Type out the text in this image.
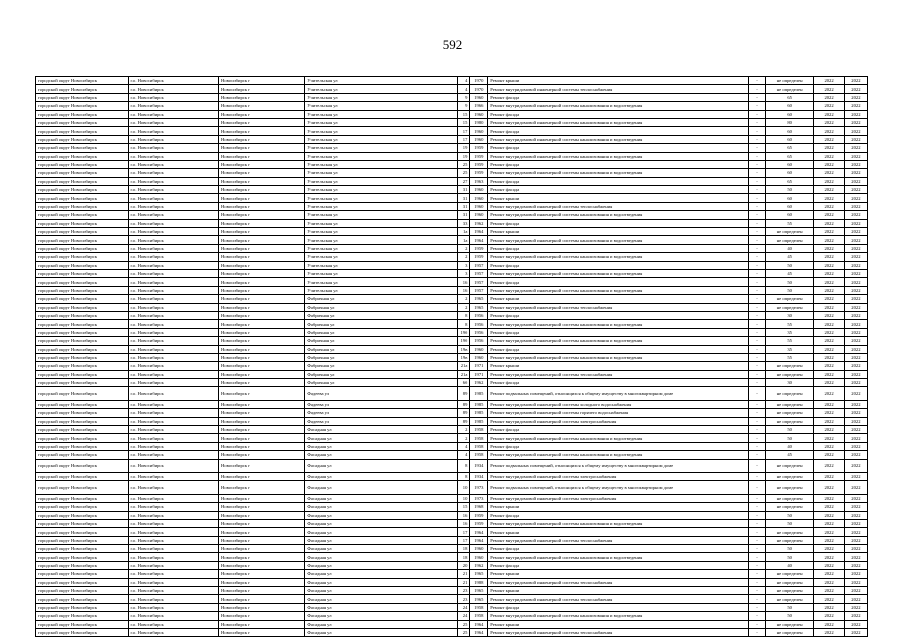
592
городской округ Новосибирск	г.о. Новосибирск	Новосибирск г	Учительская ул	4	1970	Ремонт крыши	-	не определен	2022	2022
городской округ Новосибирск	г.о. Новосибирск	Новосибирск г	Учительская ул	4	1970	Ремонт внутридомовой инженерной системы теплоснабжения	-	не определен	2022	2022
городской округ Новосибирск	г.о. Новосибирск	Новосибирск г	Учительская ул	9	1960	Ремонт фасада	-	65	2022	2022
городской округ Новосибирск	г.о. Новосибирск	Новосибирск г	Учительская ул	9	1966	Ремонт внутридомовой инженерной системы канализования и водоотведения	-	60	2022	2022
городской округ Новосибирск	г.о. Новосибирск	Новосибирск г	Учительская ул	15	1960	Ремонт фасада	-	60	2022	2022
городской округ Новосибирск	г.о. Новосибирск	Новосибирск г	Учительская ул	15	1980	Ремонт внутридомовой инженерной системы канализования и водоотведения	-	80	2022	2022
городской округ Новосибирск	г.о. Новосибирск	Новосибирск г	Учительская ул	17	1960	Ремонт фасада	-	60	2022	2022
городской округ Новосибирск	г.о. Новосибирск	Новосибирск г	Учительская ул	17	1960	Ремонт внутридомовой инженерной системы канализования и водоотведения	-	60	2022	2022
городской округ Новосибирск	г.о. Новосибирск	Новосибирск г	Учительская ул	19	1959	Ремонт фасада	-	65	2022	2022
городской округ Новосибирск	г.о. Новосибирск	Новосибирск г	Учительская ул	19	1959	Ремонт внутридомовой инженерной системы канализования и водоотведения	-	65	2022	2022
городской округ Новосибирск	г.о. Новосибирск	Новосибирск г	Учительская ул	25	1959	Ремонт фасада	-	60	2022	2022
городской округ Новосибирск	г.о. Новосибирск	Новосибирск г	Учительская ул	25	1959	Ремонт внутридомовой инженерной системы канализования и водоотведения	-	60	2022	2022
городской округ Новосибирск	г.о. Новосибирск	Новосибирск г	Учительская ул	27	1963	Ремонт фасада	-	65	2022	2022
городской округ Новосибирск	г.о. Новосибирск	Новосибирск г	Учительская ул	31	1960	Ремонт фасада	-	50	2022	2022
городской округ Новосибирск	г.о. Новосибирск	Новосибирск г	Учительская ул	31	1960	Ремонт крыши	-	60	2022	2022
городской округ Новосибирск	г.о. Новосибирск	Новосибирск г	Учительская ул	31	1960	Ремонт внутридомовой инженерной системы теплоснабжения	-	60	2022	2022
городской округ Новосибирск	г.о. Новосибирск	Новосибирск г	Учительская ул	31	1960	Ремонт внутридомовой инженерной системы канализования и водоотведения	-	60	2022	2022
городской округ Новосибирск	г.о. Новосибирск	Новосибирск г	Учительская ул	33	1962	Ремонт фасада	-	55	2022	2022
городской округ Новосибирск	г.о. Новосибирск	Новосибирск г	Учительская ул	1а	1964	Ремонт крыши	-	не определен	2022	2022
городской округ Новосибирск	г.о. Новосибирск	Новосибирск г	Учительская ул	1а	1964	Ремонт внутридомовой инженерной системы канализования и водоотведения	-	не определен	2022	2022
городской округ Новосибирск	г.о. Новосибирск	Новосибирск г	Учительская ул	2	1959	Ремонт фасада	-	40	2022	2022
городской округ Новосибирск	г.о. Новосибирск	Новосибирск г	Учительская ул	2	1959	Ремонт внутридомовой инженерной системы канализования и водоотведения	-	45	2022	2022
городской округ Новосибирск	г.о. Новосибирск	Новосибирск г	Учительская ул	3	1957	Ремонт фасада	-	50	2022	2022
городской округ Новосибирск	г.о. Новосибирск	Новосибирск г	Учительская ул	3	1957	Ремонт внутридомовой инженерной системы канализования и водоотведения	-	45	2022	2022
городской округ Новосибирск	г.о. Новосибирск	Новосибирск г	Учительская ул	16	1957	Ремонт фасада	-	50	2022	2022
городской округ Новосибирск	г.о. Новосибирск	Новосибирск г	Учительская ул	16	1957	Ремонт внутридомовой инженерной системы канализования и водоотведения	-	50	2022	2022
городской округ Новосибирск	г.о. Новосибирск	Новосибирск г	Фабричная ул	2	1965	Ремонт крыши	-	не определен	2022	2022
городской округ Новосибирск	г.о. Новосибирск	Новосибирск г	Фабричная ул	2	1965	Ремонт внутридомовой инженерной системы теплоснабжения	-	не определен	2022	2022
городской округ Новосибирск	г.о. Новосибирск	Новосибирск г	Фабричная ул	8	1956	Ремонт фасада	-	30	2022	2022
городской округ Новосибирск	г.о. Новосибирск	Новосибирск г	Фабричная ул	8	1956	Ремонт внутридомовой инженерной системы канализования и водоотведения	-	55	2022	2022
городской округ Новосибирск	г.о. Новосибирск	Новосибирск г	Фабричная ул	19б	1956	Ремонт фасада	-	35	2022	2022
городской округ Новосибирск	г.о. Новосибирск	Новосибирск г	Фабричная ул	19б	1956	Ремонт внутридомовой инженерной системы канализования и водоотведения	-	55	2022	2022
городской округ Новосибирск	г.о. Новосибирск	Новосибирск г	Фабричная ул	19в	1960	Ремонт фасада	-	35	2022	2022
городской округ Новосибирск	г.о. Новосибирск	Новосибирск г	Фабричная ул	19в	1960	Ремонт внутридомовой инженерной системы канализования и водоотведения	-	55	2022	2022
городской округ Новосибирск	г.о. Новосибирск	Новосибирск г	Фабричная ул	21а	1971	Ремонт крыши	-	не определен	2022	2022
городской округ Новосибирск	г.о. Новосибирск	Новосибирск г	Фабричная ул	21а	1971	Ремонт внутридомовой инженерной системы теплоснабжения	-	не определен	2022	2022
городской округ Новосибирск	г.о. Новосибирск	Новосибирск г	Фабричная ул	6б	1962	Ремонт фасада	-	30	2022	2022
городской округ Новосибирск	г.о. Новосибирск	Новосибирск г	Фадеева ул	89	1985	Ремонт подвальных помещений, относящихся к общему имуществу в многоквартирном доме	-	не определен	2022	2022
городской округ Новосибирск	г.о. Новосибирск	Новосибирск г	Фадеева ул	89	1985	Ремонт внутридомовой инженерной системы холодного водоснабжения	-	не определен	2022	2022
городской округ Новосибирск	г.о. Новосибирск	Новосибирск г	Фадеева ул	89	1985	Ремонт внутридомовой инженерной системы горячего водоснабжения	-	не определен	2022	2022
городской округ Новосибирск	г.о. Новосибирск	Новосибирск г	Фадеева ул	89	1985	Ремонт внутридомовой инженерной системы электроснабжения	-	не определен	2022	2022
городской округ Новосибирск	г.о. Новосибирск	Новосибирск г	Фасадная ул	2	1958	Ремонт фасада	-	50	2022	2022
городской округ Новосибирск	г.о. Новосибирск	Новосибирск г	Фасадная ул	2	1958	Ремонт внутридомовой инженерной системы канализования и водоотведения	-	50	2022	2022
городской округ Новосибирск	г.о. Новосибирск	Новосибирск г	Фасадная ул	4	1958	Ремонт фасада	-	40	2022	2022
городской округ Новосибирск	г.о. Новосибирск	Новосибирск г	Фасадная ул	4	1958	Ремонт внутридомовой инженерной системы канализования и водоотведения	-	45	2022	2022
городской округ Новосибирск	г.о. Новосибирск	Новосибирск г	Фасадная ул	8	1934	Ремонт подвальных помещений, относящихся к общему имуществу в многоквартирном доме	-	не определен	2022	2022
городской округ Новосибирск	г.о. Новосибирск	Новосибирск г	Фасадная ул	8	1934	Ремонт внутридомовой инженерной системы электроснабжения	-	не определен	2022	2022
городской округ Новосибирск	г.о. Новосибирск	Новосибирск г	Фасадная ул	10	1973	Ремонт подвальных помещений, относящихся к общему имуществу в многоквартирном доме	-	не определен	2022	2022
городской округ Новосибирск	г.о. Новосибирск	Новосибирск г	Фасадная ул	10	1973	Ремонт внутридомовой инженерной системы электроснабжения	-	не определен	2022	2022
городской округ Новосибирск	г.о. Новосибирск	Новосибирск г	Фасадная ул	15	1968	Ремонт крыши	-	не определен	2022	2022
городской округ Новосибирск	г.о. Новосибирск	Новосибирск г	Фасадная ул	16	1959	Ремонт фасада	-	50	2022	2022
городской округ Новосибирск	г.о. Новосибирск	Новосибирск г	Фасадная ул	16	1959	Ремонт внутридомовой инженерной системы канализования и водоотведения	-	50	2022	2022
городской округ Новосибирск	г.о. Новосибирск	Новосибирск г	Фасадная ул	17	1964	Ремонт крыши	-	не определен	2022	2022
городской округ Новосибирск	г.о. Новосибирск	Новосибирск г	Фасадная ул	17	1964	Ремонт внутридомовой инженерной системы теплоснабжения	-	не определен	2022	2022
городской округ Новосибирск	г.о. Новосибирск	Новосибирск г	Фасадная ул	18	1960	Ремонт фасада	-	50	2022	2022
городской округ Новосибирск	г.о. Новосибирск	Новосибирск г	Фасадная ул	18	1960	Ремонт внутридомовой инженерной системы канализования и водоотведения	-	50	2022	2022
городской округ Новосибирск	г.о. Новосибирск	Новосибирск г	Фасадная ул	20	1962	Ремонт фасада	-	40	2022	2022
городской округ Новосибирск	г.о. Новосибирск	Новосибирск г	Фасадная ул	21	1965	Ремонт крыши	-	не определен	2022	2022
городской округ Новосибирск	г.о. Новосибирск	Новосибирск г	Фасадная ул	21	1988	Ремонт внутридомовой инженерной системы теплоснабжения	-	не определен	2022	2022
городской округ Новосибирск	г.о. Новосибирск	Новосибирск г	Фасадная ул	23	1965	Ремонт крыши	-	не определен	2022	2022
городской округ Новосибирск	г.о. Новосибирск	Новосибирск г	Фасадная ул	23	1965	Ремонт внутридомовой инженерной системы теплоснабжения	-	не определен	2022	2022
городской округ Новосибирск	г.о. Новосибирск	Новосибирск г	Фасадная ул	24	1958	Ремонт фасада	-	50	2022	2022
городской округ Новосибирск	г.о. Новосибирск	Новосибирск г	Фасадная ул	24	1958	Ремонт внутридомовой инженерной системы канализования и водоотведения	-	50	2022	2022
городской округ Новосибирск	г.о. Новосибирск	Новосибирск г	Фасадная ул	25	1964	Ремонт крыши	-	не определен	2022	2022
городской округ Новосибирск	г.о. Новосибирск	Новосибирск г	Фасадная ул	25	1964	Ремонт внутридомовой инженерной системы теплоснабжения	-	не определен	2022	2022
